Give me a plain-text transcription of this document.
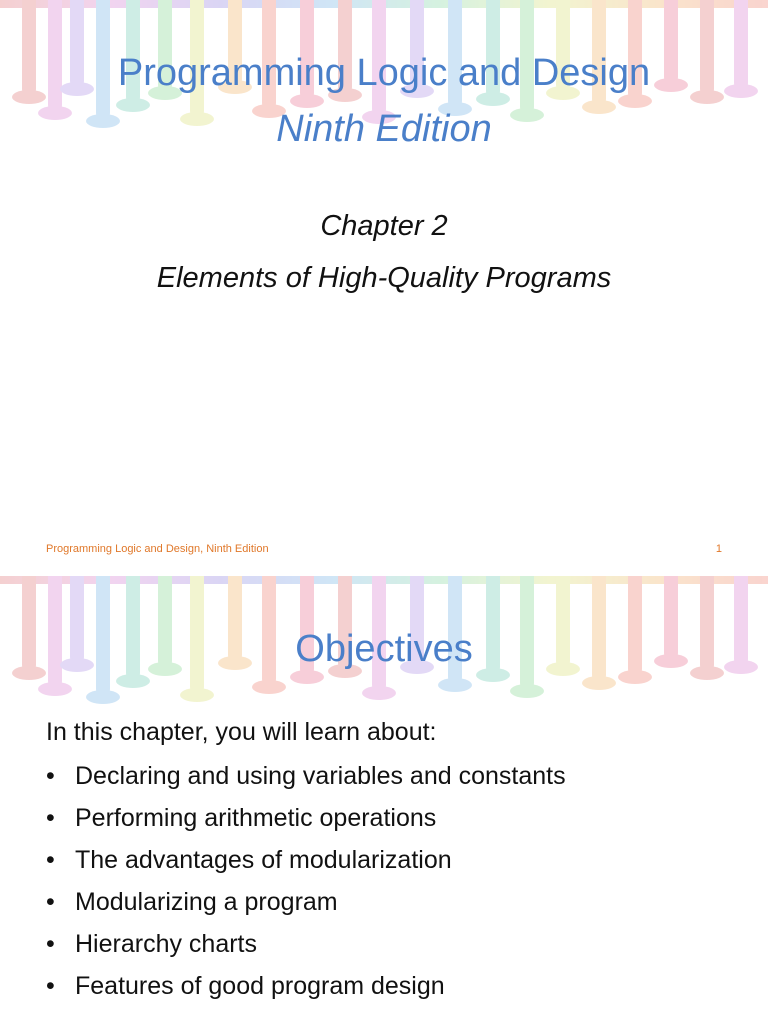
Programming Logic and Design
Ninth Edition

Chapter 2

Elements of High-Quality Programs

Programming Logic and Design, Ninth Edition	1
Objectives

In this chapter, you will learn about:

• Declaring and using variables and constants
• Performing arithmetic operations
• The advantages of modularization
• Modularizing a program
• Hierarchy charts
• Features of good program design
